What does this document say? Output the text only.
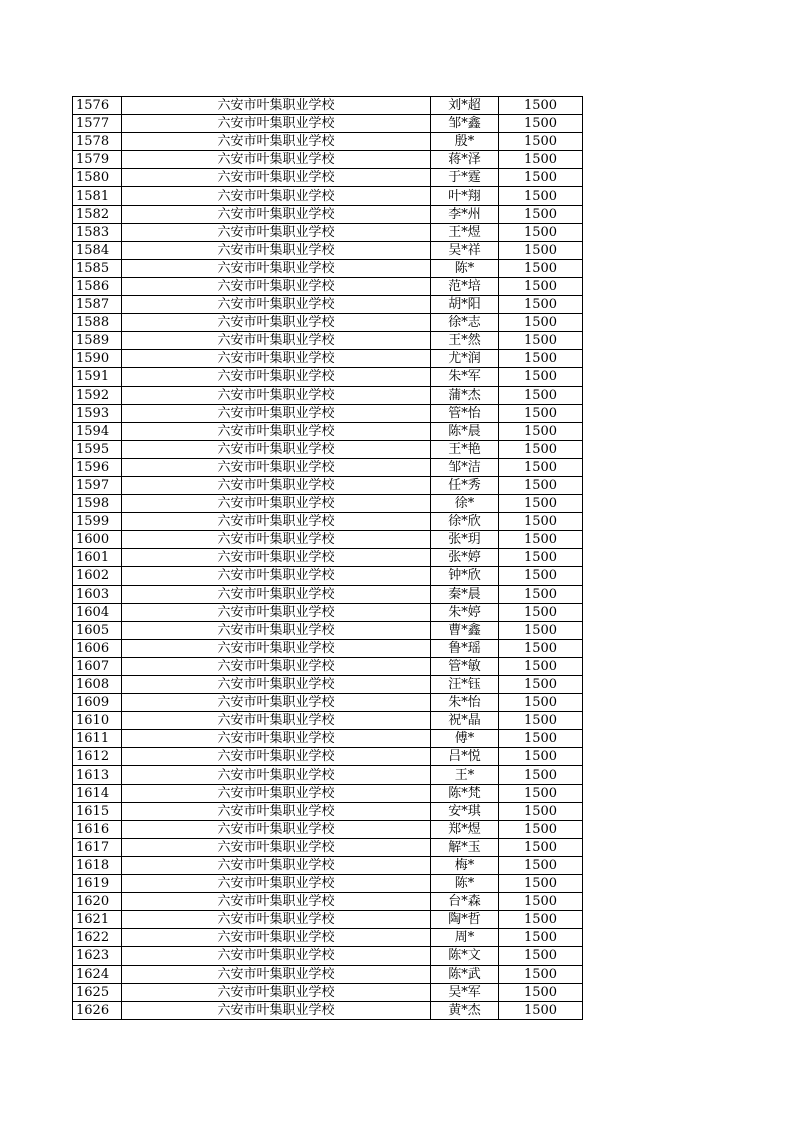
1576	六安市叶集职业学校	刘*超	1500
1577	六安市叶集职业学校	邹*鑫	1500
1578	六安市叶集职业学校	殷*	1500
1579	六安市叶集职业学校	蒋*泽	1500
1580	六安市叶集职业学校	于*霆	1500
1581	六安市叶集职业学校	叶*翔	1500
1582	六安市叶集职业学校	李*州	1500
1583	六安市叶集职业学校	王*煜	1500
1584	六安市叶集职业学校	吴*祥	1500
1585	六安市叶集职业学校	陈*	1500
1586	六安市叶集职业学校	范*培	1500
1587	六安市叶集职业学校	胡*阳	1500
1588	六安市叶集职业学校	徐*志	1500
1589	六安市叶集职业学校	王*然	1500
1590	六安市叶集职业学校	尤*润	1500
1591	六安市叶集职业学校	朱*军	1500
1592	六安市叶集职业学校	蒲*杰	1500
1593	六安市叶集职业学校	管*怡	1500
1594	六安市叶集职业学校	陈*晨	1500
1595	六安市叶集职业学校	王*艳	1500
1596	六安市叶集职业学校	邹*洁	1500
1597	六安市叶集职业学校	任*秀	1500
1598	六安市叶集职业学校	徐*	1500
1599	六安市叶集职业学校	徐*欣	1500
1600	六安市叶集职业学校	张*玥	1500
1601	六安市叶集职业学校	张*婷	1500
1602	六安市叶集职业学校	钟*欣	1500
1603	六安市叶集职业学校	秦*晨	1500
1604	六安市叶集职业学校	朱*婷	1500
1605	六安市叶集职业学校	曹*鑫	1500
1606	六安市叶集职业学校	鲁*瑶	1500
1607	六安市叶集职业学校	管*敏	1500
1608	六安市叶集职业学校	汪*钰	1500
1609	六安市叶集职业学校	朱*怡	1500
1610	六安市叶集职业学校	祝*晶	1500
1611	六安市叶集职业学校	傅*	1500
1612	六安市叶集职业学校	吕*悦	1500
1613	六安市叶集职业学校	王*	1500
1614	六安市叶集职业学校	陈*梵	1500
1615	六安市叶集职业学校	安*琪	1500
1616	六安市叶集职业学校	郑*煜	1500
1617	六安市叶集职业学校	解*玉	1500
1618	六安市叶集职业学校	梅*	1500
1619	六安市叶集职业学校	陈*	1500
1620	六安市叶集职业学校	台*森	1500
1621	六安市叶集职业学校	陶*哲	1500
1622	六安市叶集职业学校	周*	1500
1623	六安市叶集职业学校	陈*文	1500
1624	六安市叶集职业学校	陈*武	1500
1625	六安市叶集职业学校	吴*军	1500
1626	六安市叶集职业学校	黄*杰	1500
